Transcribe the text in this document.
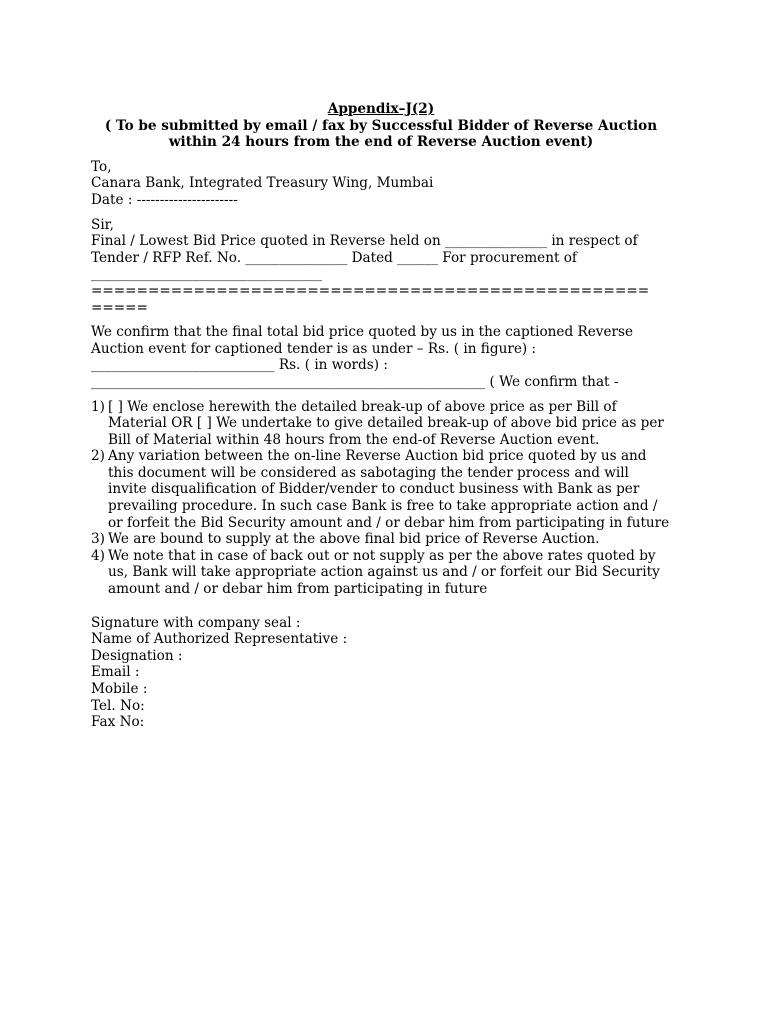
Appendix–J(2)
( To be submitted by email / fax by Successful Bidder of Reverse Auction
within 24 hours from the end of Reverse Auction event)
To,
Canara Bank, Integrated Treasury Wing, Mumbai
Date : ----------------------
Sir,
Final / Lowest Bid Price quoted in Reverse held on _______________ in respect of
Tender / RFP Ref. No. _______________ Dated ______ For procurement of
__________________________________
=================================================
=====
We confirm that the final total bid price quoted by us in the captioned Reverse
Auction event for captioned tender is as under – Rs. ( in figure) :
___________________________ Rs. ( in words) :
__________________________________________________________ ( We confirm that -
1) [ ] We enclose herewith the detailed break-up of above price as per Bill of
Material OR [ ] We undertake to give detailed break-up of above bid price as per
Bill of Material within 48 hours from the end-of Reverse Auction event.
2) Any variation between the on-line Reverse Auction bid price quoted by us and
this document will be considered as sabotaging the tender process and will
invite disqualification of Bidder/vender to conduct business with Bank as per
prevailing procedure. In such case Bank is free to take appropriate action and /
or forfeit the Bid Security amount and / or debar him from participating in future
3) We are bound to supply at the above final bid price of Reverse Auction.
4) We note that in case of back out or not supply as per the above rates quoted by
us, Bank will take appropriate action against us and / or forfeit our Bid Security
amount and / or debar him from participating in future
Signature with company seal :
Name of Authorized Representative :
Designation :
Email :
Mobile :
Tel. No:
Fax No:
